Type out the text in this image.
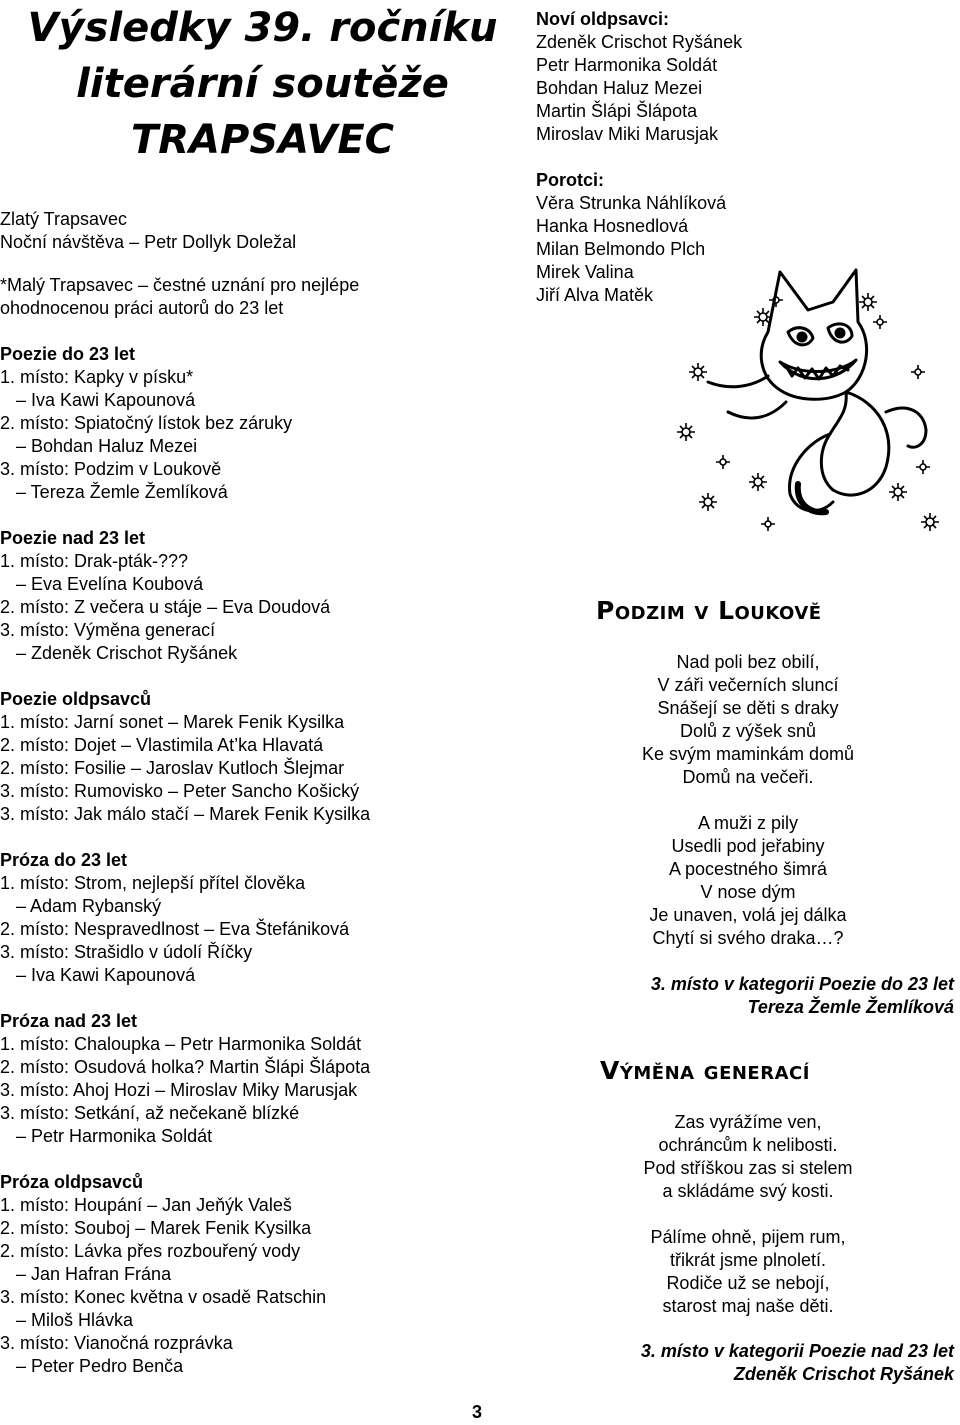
Výsledky 39. ročníku
literární soutěže
TRAPSAVEC
Zlatý Trapsavec
Noční návštěva – Petr Dollyk Doležal
*Malý Trapsavec – čestné uznání pro nejlépe
ohodnocenou práci autorů do 23 let
Poezie do 23 let
1. místo: Kapky v písku*
– Iva Kawi Kapounová
2. místo: Spiatočný lístok bez záruky
– Bohdan Haluz Mezei
3. místo: Podzim v Loukově
– Tereza Žemle Žemlíková
Poezie nad 23 let
1. místo: Drak-pták-???
– Eva Evelína Koubová
2. místo: Z večera u stáje – Eva Doudová
3. místo: Výměna generací
– Zdeněk Crischot Ryšánek
Poezie oldpsavců
1. místo: Jarní sonet – Marek Fenik Kysilka
2. místo: Dojet – Vlastimila At’ka Hlavatá
2. místo: Fosilie – Jaroslav Kutloch Šlejmar
3. místo: Rumovisko – Peter Sancho Košický
3. místo: Jak málo stačí – Marek Fenik Kysilka
Próza do 23 let
1. místo: Strom, nejlepší přítel člověka
– Adam Rybanský
2. místo: Nespravedlnost – Eva Štefániková
3. místo: Strašidlo v údolí Říčky
– Iva Kawi Kapounová
Próza nad 23 let
1. místo: Chaloupka – Petr Harmonika Soldát
2. místo: Osudová holka? Martin Šlápi Šlápota
3. místo: Ahoj Hozi – Miroslav Miky Marusjak
3. místo: Setkání, až nečekaně blízké
– Petr Harmonika Soldát
Próza oldpsavců
1. místo: Houpání – Jan Jeňýk Valeš
2. místo: Souboj – Marek Fenik Kysilka
2. místo: Lávka přes rozbouřený vody
– Jan Hafran Frána
3. místo: Konec května v osadě Ratschin
– Miloš Hlávka
3. místo: Vianočná rozprávka
– Peter Pedro Benča
Noví oldpsavci:
Zdeněk Crischot Ryšánek
Petr Harmonika Soldát
Bohdan Haluz Mezei
Martin Šlápi Šlápota
Miroslav Miki Marusjak
Porotci:
Věra Strunka Náhlíková
Hanka Hosnedlová
Milan Belmondo Plch
Mirek Valina
Jiří Alva Matěk
Podzim v Loukově
Nad poli bez obilí,
V záři večerních sluncí
Snášejí se děti s draky
Dolů z výšek snů
Ke svým maminkám domů
Domů na večeři.
A muži z pily
Usedli pod jeřabiny
A pocestného šimrá
V nose dým
Je unaven, volá jej dálka
Chytí si svého draka…?
3. místo v kategorii Poezie do 23 let
Tereza Žemle Žemlíková
Výměna generací
Zas vyrážíme ven,
ochráncům k nelibosti.
Pod stříškou zas si stelem
a skládáme svý kosti.
Pálíme ohně, pijem rum,
třikrát jsme plnoletí.
Rodiče už se nebojí,
starost maj naše děti.
3. místo v kategorii Poezie nad 23 let
Zdeněk Crischot Ryšánek
3
